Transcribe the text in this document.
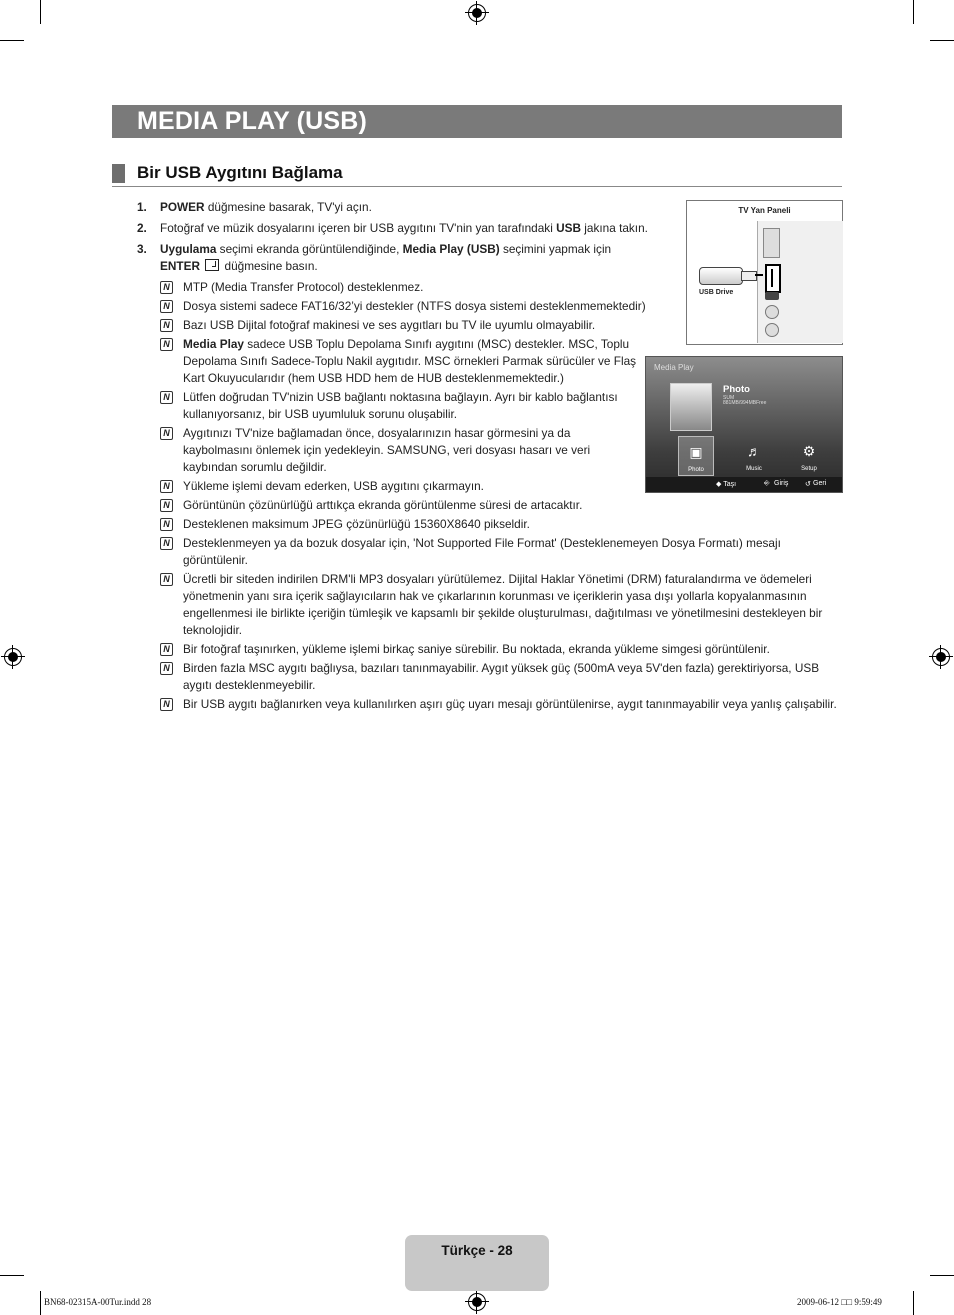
MEDIA PLAY (USB)
Bir USB Aygıtını Bağlama
1. POWER düğmesine basarak, TV'yi açın.
2. Fotoğraf ve müzik dosyalarını içeren bir USB aygıtını TV'nin yan tarafındaki USB jakına takın.
3. Uygulama seçimi ekranda görüntülendiğinde, Media Play (USB) seçimini yapmak için
ENTER  düğmesine basın.
N MTP (Media Transfer Protocol) desteklenmez.
N Dosya sistemi sadece FAT16/32’yi destekler (NTFS dosya sistemi desteklenmemektedir)
N Bazı USB Dijital fotoğraf makinesi ve ses aygıtları bu TV ile uyumlu olmayabilir.
N Media Play sadece USB Toplu Depolama Sınıfı aygıtını (MSC) destekler. MSC, Toplu Depolama Sınıfı Sadece-Toplu Nakil aygıtıdır. MSC örnekleri Parmak sürücüler ve Flaş Kart Okuyucularıdır (hem USB HDD hem de HUB desteklenmemektedir.)
N Lütfen doğrudan TV'nizin USB bağlantı noktasına bağlayın. Ayrı bir kablo bağlantısı kullanıyorsanız, bir USB uyumluluk sorunu oluşabilir.
N Aygıtınızı TV'nize bağlamadan önce, dosyalarınızın hasar görmesini ya da kaybolmasını önlemek için yedekleyin. SAMSUNG, veri dosyası hasarı ve veri kaybından sorumlu değildir.
N Yükleme işlemi devam ederken, USB aygıtını çıkarmayın.
N Görüntünün çözünürlüğü arttıkça ekranda görüntülenme süresi de artacaktır.
N Desteklenen maksimum JPEG çözünürlüğü 15360X8640 pikseldir.
N Desteklenmeyen ya da bozuk dosyalar için, 'Not Supported File Format' (Desteklenemeyen Dosya Formatı) mesajı görüntülenir.
N Ücretli bir siteden indirilen DRM'li MP3 dosyaları yürütülemez. Dijital Haklar Yönetimi (DRM) faturalandırma ve ödemeleri yönetmenin yanı sıra içerik sağlayıcıların hak ve çıkarlarının korunması ve içeriklerin yasa dışı yollarla kopyalanmasının engellenmesi ile birlikte içeriğin tümleşik ve kapsamlı bir şekilde oluşturulması, dağıtılması ve yönetilmesini destekleyen bir teknolojidir.
N Bir fotoğraf taşınırken, yükleme işlemi birkaç saniye sürebilir. Bu noktada, ekranda yükleme simgesi görüntülenir.
N Birden fazla MSC aygıtı bağlıysa, bazıları tanınmayabilir. Aygıt yüksek güç (500mA veya 5V'den fazla) gerektiriyorsa, USB aygıtı desteklenmeyebilir.
N Bir USB aygıtı bağlanırken veya kullanılırken aşırı güç uyarı mesajı görüntülenirse, aygıt tanınmayabilir veya yanlış çalışabilir.
TV Yan Paneli
USB Drive
Media Play
Photo
SUM
881MB/994MBFree
▣
Photo
♬
Music
⚙
Setup
◆ Taşı	⎆ Giriş ↺ Geri
Türkçe - 28
BN68-02315A-00Tur.indd 28	2009-06-12 □□ 9:59:49
